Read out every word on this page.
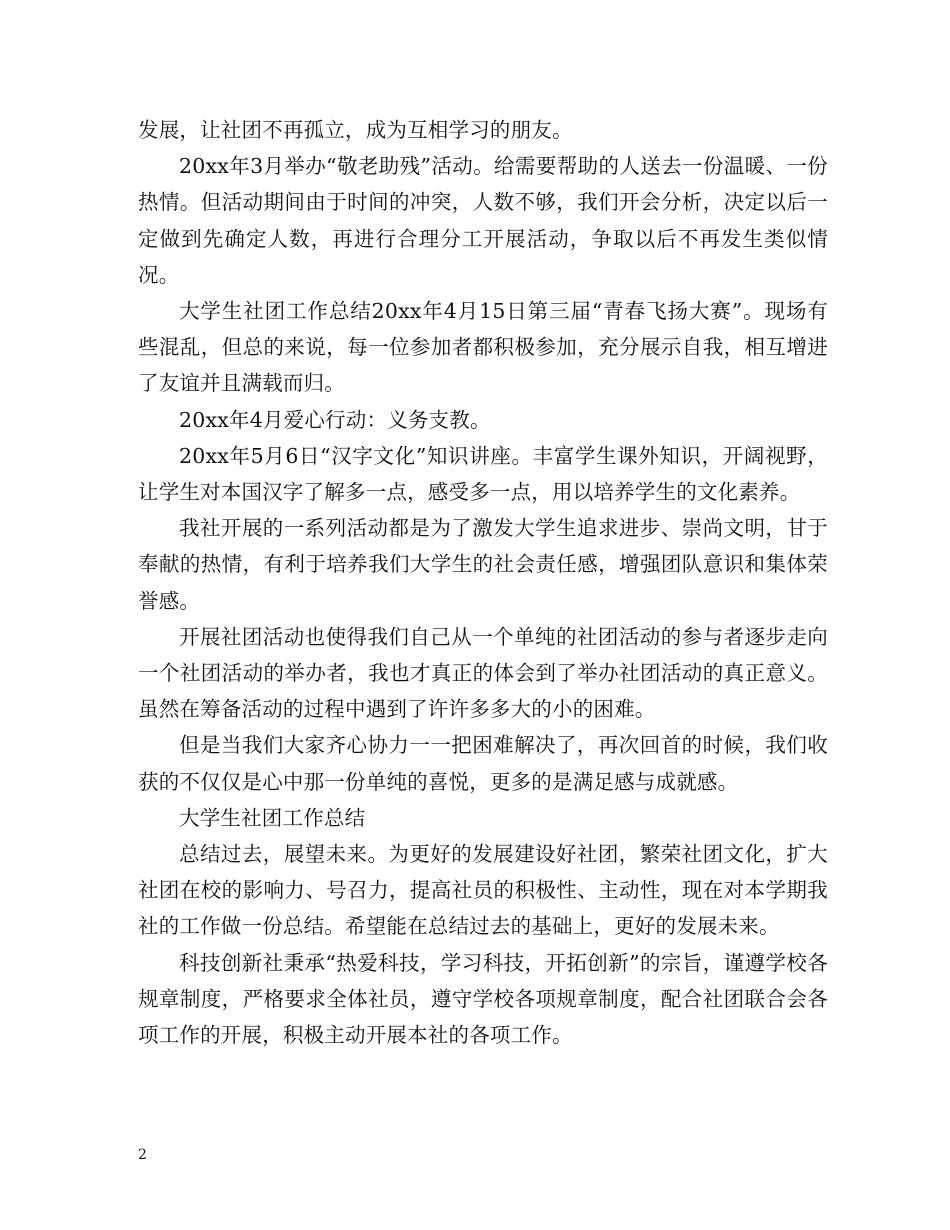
发展，让社团不再孤立，成为互相学习的朋友。

20xx年3月举办“敬老助残”活动。给需要帮助的人送去一份温暖、一份热情。但活动期间由于时间的冲突，人数不够，我们开会分析，决定以后一定做到先确定人数，再进行合理分工开展活动，争取以后不再发生类似情况。

大学生社团工作总结20xx年4月15日第三届“青春飞扬大赛”。现场有些混乱，但总的来说，每一位参加者都积极参加，充分展示自我，相互增进了友谊并且满载而归。

20xx年4月爱心行动：义务支教。

20xx年5月6日“汉字文化”知识讲座。丰富学生课外知识，开阔视野，让学生对本国汉字了解多一点，感受多一点，用以培养学生的文化素养。

我社开展的一系列活动都是为了激发大学生追求进步、崇尚文明，甘于奉献的热情，有利于培养我们大学生的社会责任感，增强团队意识和集体荣誉感。

开展社团活动也使得我们自己从一个单纯的社团活动的参与者逐步走向一个社团活动的举办者，我也才真正的体会到了举办社团活动的真正意义。虽然在筹备活动的过程中遇到了许许多多大的小的困难。

但是当我们大家齐心协力一一把困难解决了，再次回首的时候，我们收获的不仅仅是心中那一份单纯的喜悦，更多的是满足感与成就感。

大学生社团工作总结

总结过去，展望未来。为更好的发展建设好社团，繁荣社团文化，扩大社团在校的影响力、号召力，提高社员的积极性、主动性，现在对本学期我社的工作做一份总结。希望能在总结过去的基础上，更好的发展未来。

科技创新社秉承“热爱科技，学习科技，开拓创新”的宗旨，谨遵学校各规章制度，严格要求全体社员，遵守学校各项规章制度，配合社团联合会各项工作的开展，积极主动开展本社的各项工作。

2
